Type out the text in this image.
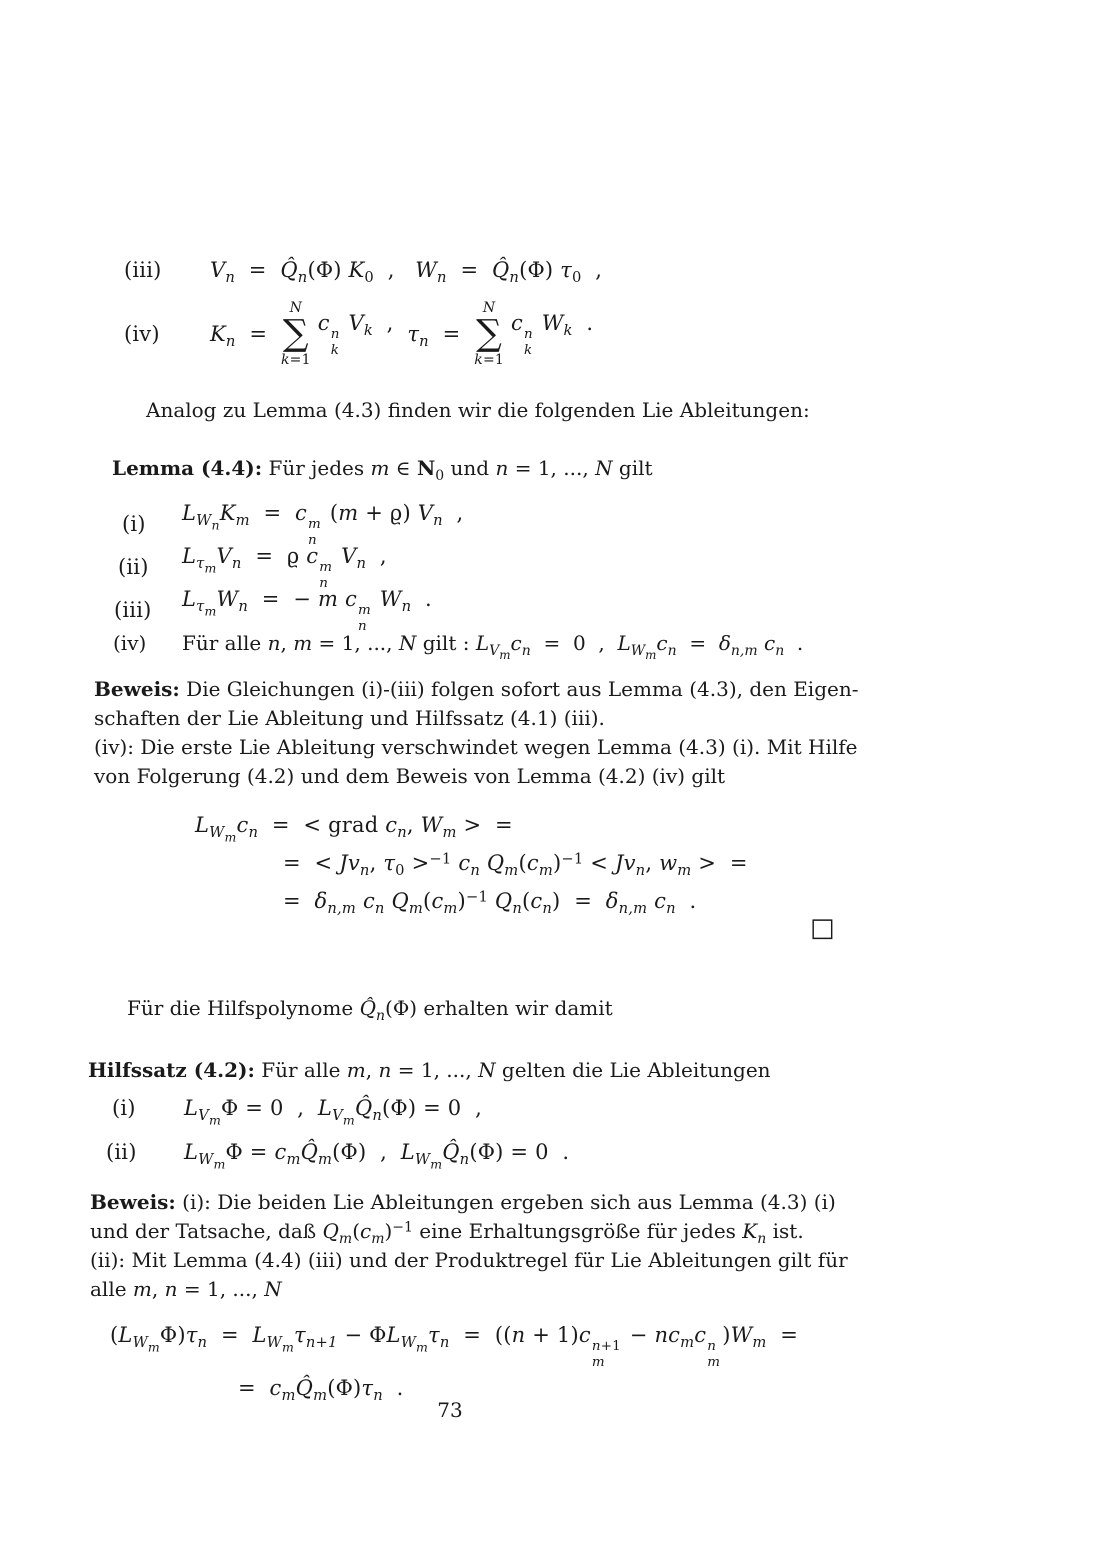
(iii)	$V_n$  =  $Q̂_n(\Phi)$ $K_0$  ,   $W_n$  =  $Q̂_n(\Phi)$ $\tau_0$  ,
(iv)	$K_n$  =
N
∑
k=1
c n
k
$V_k$  , $\tau_n$  =
N
∑
k=1
c n
k
$W_k$  .
Analog zu Lemma (4.3) finden wir die folgenden Lie Ableitungen:
Lemma (4.4): Für jedes m ∈ $N_0$ und n = 1, ..., N gilt
(i)	$L_{W_n}K_m = c$ m
n
(m + ϱ) $V_n$  ,
(ii)	$L_{\tau_m}V_n = ϱ$ c m
n
$V_n$  ,
(iii)	$L_{\tau_m}W_n$  =  − m c m
n
$W_n$  .
(iv)	Für alle n, m = 1, ..., N gilt : $L_{V_m}c_n = 0$  ,  $L_{W_m}c_n = \delta_{n,m}$ $c_n$  .
Beweis: Die Gleichungen (i)-(iii) folgen sofort aus Lemma (4.3), den Eigen-
schaften der Lie Ableitung und Hilfssatz (4.1) (iii).
(iv): Die erste Lie Ableitung verschwindet wegen Lemma (4.3) (i). Mit Hilfe
von Folgerung (4.2) und dem Beweis von Lemma (4.2) (iv) gilt
$L_{W_m}c_n$  =  < grad $c_n$, $W_m$ >  =
=  < $Jv_n$, $\tau_0 >^{-1}$ $c_n$ $Q_m(c_m)^{-1} < Jv_n$, $w_m$ >  =
=  $\delta_{n,m}$ $c_n$ $Q_m(c_m)^{-1}$ $Q_n(c_n) = \delta_{n,m}$ $c_n$  .
□
Für die Hilfspolynome $Q̂_n(\Phi)$ erhalten wir damit
Hilfssatz (4.2): Für alle m, n = 1, ..., N gelten die Lie Ableitungen
(i)	$L_{V_m}\Phi = 0$  ,  $L_{V_m}Q̂_n(\Phi) = 0$  ,
(ii)	$L_{W_m}\Phi$ = $c_mQ̂_m(\Phi)$  ,  $L_{W_m}Q̂_n(\Phi) = 0$  .
Beweis: (i): Die beiden Lie Ableitungen ergeben sich aus Lemma (4.3) (i)
und der Tatsache, daß $Q_m(c_m)^{-1}$ eine Erhaltungsgröße für jedes $K_n$ ist.
(ii): Mit Lemma (4.4) (iii) und der Produktregel für Lie Ableitungen gilt für
alle m, n = 1, ..., N
$(L_{W_m}\Phi)\tau_n = L_{W_m}\tau_{n+1} - \Phi L_{W_m}\tau_n = ((n + 1)c$ n+1
m
− $nc_mc$ n
m
)$W_m$  =
=  $c_mQ̂_m(\Phi)\tau_n$  .
73
